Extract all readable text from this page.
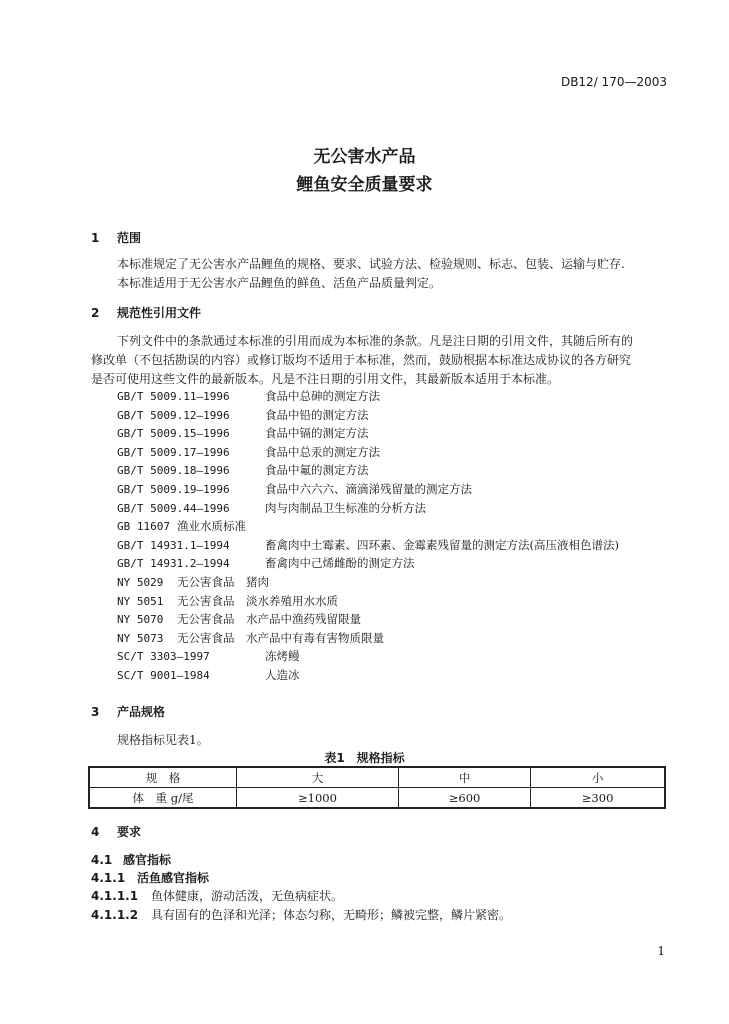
DB12/ 170—2003
无公害水产品
鲤鱼安全质量要求
1 范围
本标准规定了无公害水产品鲤鱼的规格、要求、试验方法、检验规则、标志、包装、运输与贮存.
本标准适用于无公害水产品鲤鱼的鲜鱼、活鱼产品质量判定。
2 规范性引用文件
下列文件中的条款通过本标准的引用而成为本标准的条款。凡是注日期的引用文件，其随后所有的
修改单（不包括勘误的内容）或修订版均不适用于本标准，然而，鼓励根据本标准达成协议的各方研究
是否可使用这些文件的最新版本。凡是不注日期的引用文件，其最新版本适用于本标准。
GB/T 5009.11—1996	食品中总砷的测定方法
GB/T 5009.12—1996	食品中铅的测定方法
GB/T 5009.15—1996	食品中镉的测定方法
GB/T 5009.17—1996	食品中总汞的测定方法
GB/T 5009.18—1996	食品中氟的测定方法
GB/T 5009.19—1996	食品中六六六、滴滴涕残留量的测定方法
GB/T 5009.44—1996	肉与肉制品卫生标准的分析方法
GB 11607 渔业水质标准
GB/T 14931.1—1994	畜禽肉中土霉素、四环素、金霉素残留量的测定方法(高压液相色谱法)
GB/T 14931.2—1994	畜禽肉中己烯雌酚的测定方法
NY 5029 无公害食品　猪肉
NY 5051 无公害食品　淡水养殖用水水质
NY 5070 无公害食品　水产品中渔药残留限量
NY 5073 无公害食品　水产品中有毒有害物质限量
SC/T 3303—1997	冻烤鳗
SC/T 9001—1984	人造冰
3 产品规格
规格指标见表1。
表1　规格指标
规　格	大	中	小
体　重 g/尾	≥1000	≥600	≥300
4 要求
4.1 感官指标
4.1.1 活鱼感官指标
4.1.1.1 鱼体健康，游动活泼，无鱼病症状。
4.1.1.2 具有固有的色泽和光泽；体态匀称，无畸形；鳞被完整，鳞片紧密。
1
